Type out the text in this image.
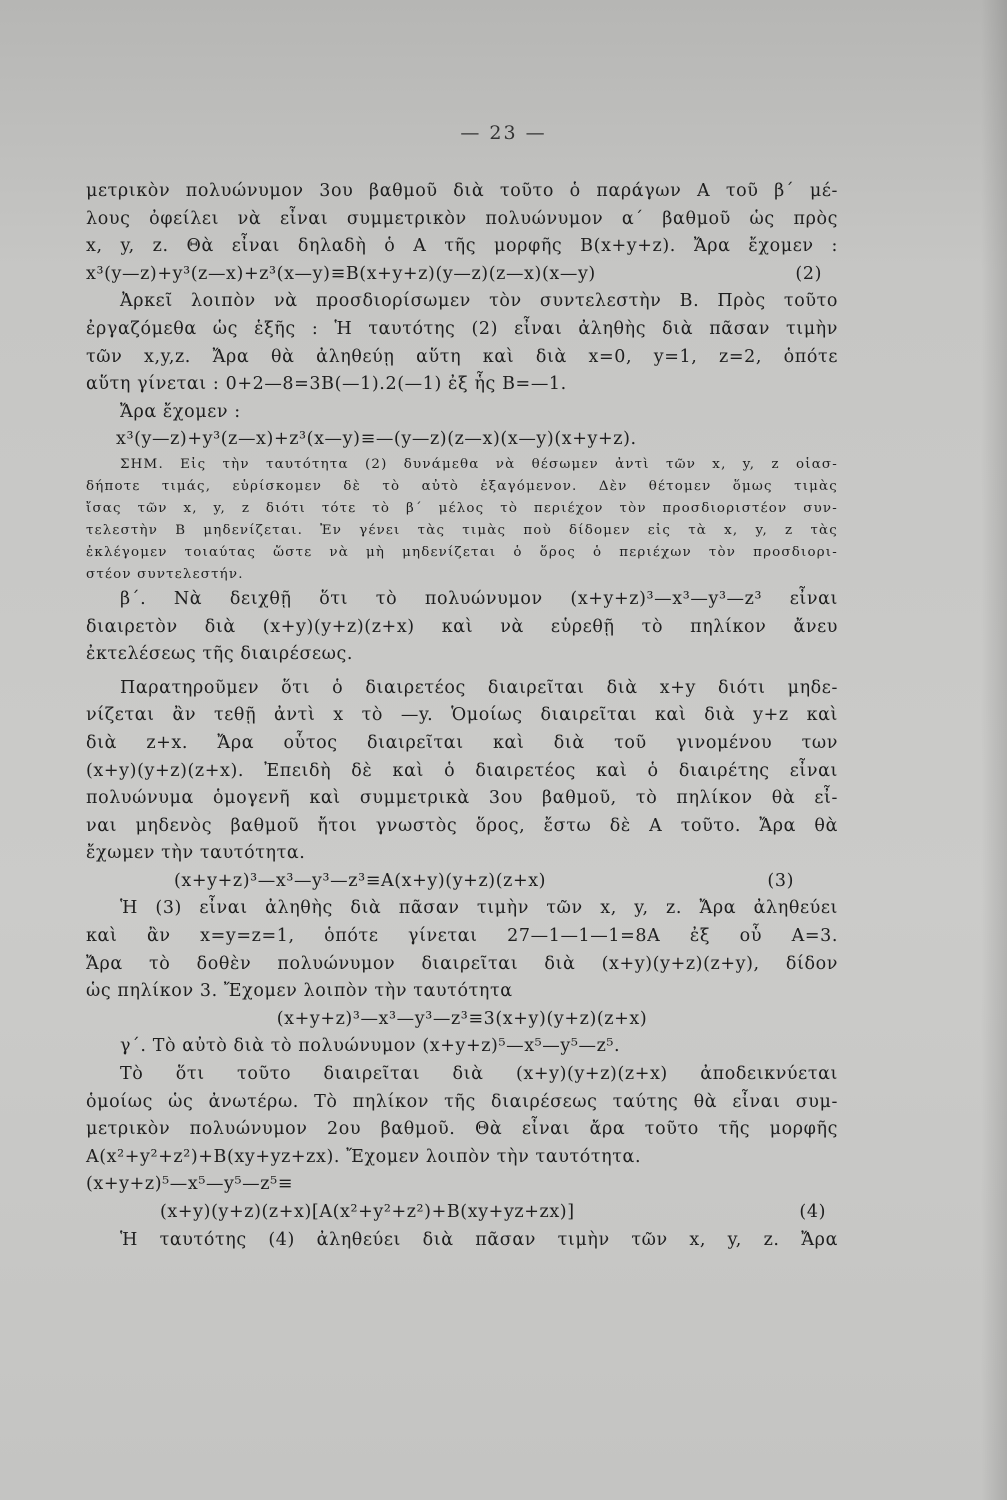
— 23 —
μετρικὸν πολυώνυμον 3ου βαθμοῦ διὰ τοῦτο ὁ παράγων Α τοῦ β΄ μέ-
λους ὀφείλει νὰ εἶναι συμμετρικὸν πολυώνυμον α΄ βαθμοῦ ὡς πρὸς
x, y, z. Θὰ εἶναι δηλαδὴ ὁ Α τῆς μορφῆς Β(x+y+z). Ἄρα ἔχομεν :
x³(y—z)+y³(z—x)+z³(x—y)≡Β(x+y+z)(y—z)(z—x)(x—y)	(2)
Ἀρκεῖ λοιπὸν νὰ προσδιορίσωμεν τὸν συντελεστὴν Β. Πρὸς τοῦτο
ἐργαζόμεθα ὡς ἑξῆς : Ἡ ταυτότης (2) εἶναι ἀληθὴς διὰ πᾶσαν τιμὴν
τῶν x,y,z. Ἄρα θὰ ἀληθεύῃ αὕτη καὶ διὰ x=0, y=1, z=2, ὁπότε
αὕτη γίνεται : 0+2—8=3Β(—1).2(—1) ἐξ ἧς Β=—1.
Ἄρα ἔχομεν :
x³(y—z)+y³(z—x)+z³(x—y)≡—(y—z)(z—x)(x—y)(x+y+z).
ΣΗΜ. Εἰς τὴν ταυτότητα (2) δυνάμεθα νὰ θέσωμεν ἀντὶ τῶν x, y, z οἱασ-
δήποτε τιμάς, εὑρίσκομεν δὲ τὸ αὐτὸ ἐξαγόμενον. Δὲν θέτομεν ὅμως τιμὰς
ἴσας τῶν x, y, z διότι τότε τὸ β΄ μέλος τὸ περιέχον τὸν προσδιοριστέον συν-
τελεστὴν Β μηδενίζεται. Ἐν γένει τὰς τιμὰς ποὺ δίδομεν εἰς τὰ x, y, z τὰς
ἐκλέγομεν τοιαύτας ὥστε νὰ μὴ μηδενίζεται ὁ ὅρος ὁ περιέχων τὸν προσδιορι-
στέον συντελεστήν.
β΄. Νὰ δειχθῇ ὅτι τὸ πολυώνυμον (x+y+z)³—x³—y³—z³ εἶναι
διαιρετὸν διὰ (x+y)(y+z)(z+x) καὶ νὰ εὑρεθῇ τὸ πηλίκον ἄνευ
ἐκτελέσεως τῆς διαιρέσεως.
Παρατηροῦμεν ὅτι ὁ διαιρετέος διαιρεῖται διὰ x+y διότι μηδε-
νίζεται ἂν τεθῇ ἀντὶ x τὸ —y. Ὁμοίως διαιρεῖται καὶ διὰ y+z καὶ
διὰ z+x. Ἄρα οὗτος διαιρεῖται καὶ διὰ τοῦ γινομένου των
(x+y)(y+z)(z+x). Ἐπειδὴ δὲ καὶ ὁ διαιρετέος καὶ ὁ διαιρέτης εἶναι
πολυώνυμα ὁμογενῆ καὶ συμμετρικὰ 3ου βαθμοῦ, τὸ πηλίκον θὰ εἶ-
ναι μηδενὸς βαθμοῦ ἤτοι γνωστὸς ὅρος, ἔστω δὲ Α τοῦτο. Ἄρα θὰ
ἔχωμεν τὴν ταυτότητα.
(x+y+z)³—x³—y³—z³≡Α(x+y)(y+z)(z+x)	(3)
Ἡ (3) εἶναι ἀληθὴς διὰ πᾶσαν τιμὴν τῶν x, y, z. Ἄρα ἀληθεύει
καὶ ἂν x=y=z=1, ὁπότε γίνεται 27—1—1—1=8Α ἐξ οὗ Α=3.
Ἄρα τὸ δοθὲν πολυώνυμον διαιρεῖται διὰ (x+y)(y+z)(z+y), δίδον
ὡς πηλίκον 3. Ἔχομεν λοιπὸν τὴν ταυτότητα
(x+y+z)³—x³—y³—z³≡3(x+y)(y+z)(z+x)
γ΄. Τὸ αὐτὸ διὰ τὸ πολυώνυμον (x+y+z)⁵—x⁵—y⁵—z⁵.
Τὸ ὅτι τοῦτο διαιρεῖται διὰ (x+y)(y+z)(z+x) ἀποδεικνύεται
ὁμοίως ὡς ἀνωτέρω. Τὸ πηλίκον τῆς διαιρέσεως ταύτης θὰ εἶναι συμ-
μετρικὸν πολυώνυμον 2ου βαθμοῦ. Θὰ εἶναι ἄρα τοῦτο τῆς μορφῆς
Α(x²+y²+z²)+Β(xy+yz+zx). Ἔχομεν λοιπὸν τὴν ταυτότητα.
(x+y+z)⁵—x⁵—y⁵—z⁵≡
(x+y)(y+z)(z+x)[Α(x²+y²+z²)+Β(xy+yz+zx)]	(4)
Ἡ ταυτότης (4) ἀληθεύει διὰ πᾶσαν τιμὴν τῶν x, y, z. Ἄρα
